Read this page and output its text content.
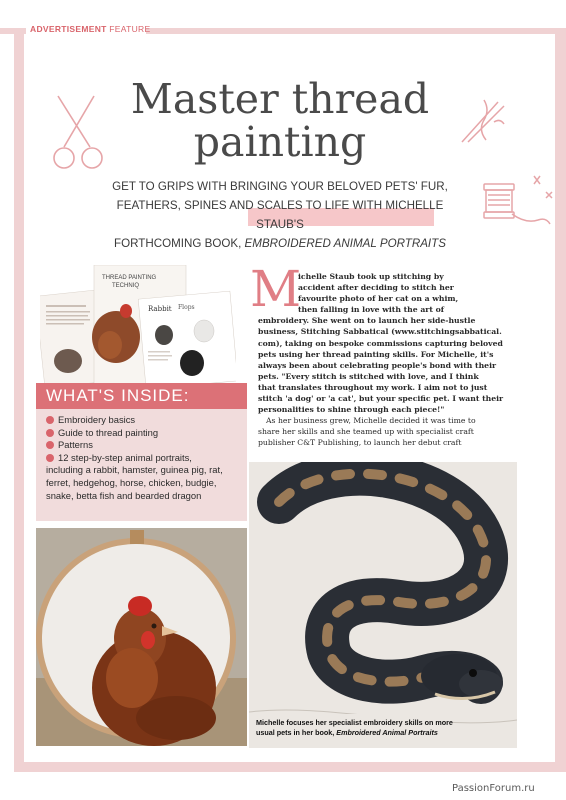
ADVERTISEMENT FEATURE
Master thread
painting
GET TO GRIPS WITH BRINGING YOUR BELOVED PETS' FUR,
FEATHERS, SPINES AND SCALES TO LIFE WITH MICHELLE STAUB'S
FORTHCOMING BOOK, EMBROIDERED ANIMAL PORTRAITS
THREAD PAINTING
TECHNIQ
Rabbit Flops
WHAT'S INSIDE:
Embroidery basics
Guide to thread painting
Patterns
12 step-by-step animal portraits,
including a rabbit, hamster, guinea pig, rat,
ferret, hedgehog, horse, chicken, budgie,
snake, betta fish and bearded dragon
M

ichelle Staub took up stitching by
accident after deciding to stitch her
favourite photo of her cat on a whim,
then falling in love with the art of
embroidery. She went on to launch her side-hustle
business, Stitching Sabbatical (www.stitchingsabbatical.
com), taking on bespoke commissions capturing beloved
pets using her thread painting skills. For Michelle, it's
always been about celebrating people's bond with their
pets. "Every stitch is stitched with love, and I think
that translates throughout my work. I aim not to just
stitch 'a dog' or 'a cat', but your specific pet. I want their
personalities to shine through each piece!"

As her business grew, Michelle decided it was time to
share her skills and she teamed up with specialist craft
publisher C&T Publishing, to launch her debut craft

Michelle focuses her specialist embroidery skills on more
usual pets in her book, Embroidered Animal Portraits
PassionForum.ru
